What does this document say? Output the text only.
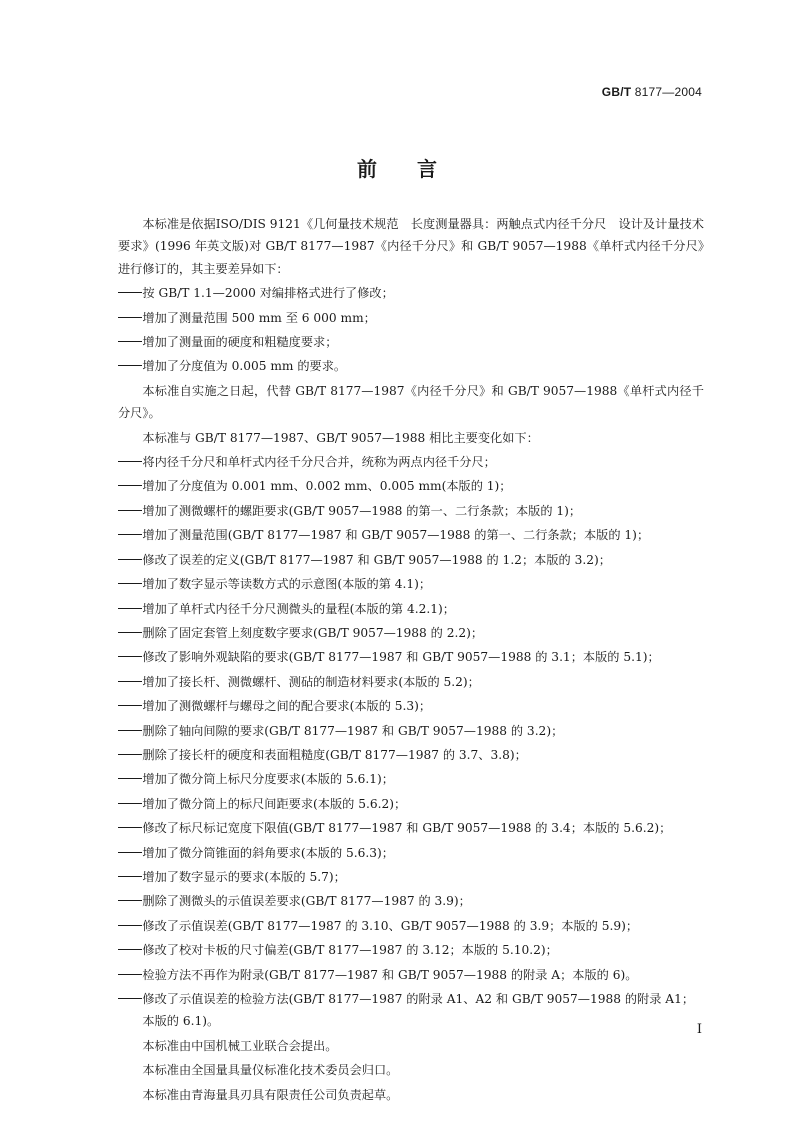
GB/T 8177—2004
前　　言

本标准是依据ISO/DIS 9121《几何量技术规范　长度测量器具：两触点式内径千分尺　设计及计量技术要求》(1996 年英文版)对 GB/T 8177—1987《内径千分尺》和 GB/T 9057—1988《单杆式内径千分尺》进行修订的，其主要差异如下：

按 GB/T 1.1—2000 对编排格式进行了修改；

增加了测量范围 500 mm 至 6 000 mm；

增加了测量面的硬度和粗糙度要求；

增加了分度值为 0.005 mm 的要求。

本标准自实施之日起，代替 GB/T 8177—1987《内径千分尺》和 GB/T 9057—1988《单杆式内径千分尺》。

本标准与 GB/T 8177—1987、GB/T 9057—1988 相比主要变化如下：

将内径千分尺和单杆式内径千分尺合并，统称为两点内径千分尺；

增加了分度值为 0.001 mm、0.002 mm、0.005 mm(本版的 1)；

增加了测微螺杆的螺距要求(GB/T 9057—1988 的第一、二行条款；本版的 1)；

增加了测量范围(GB/T 8177—1987 和 GB/T 9057—1988 的第一、二行条款；本版的 1)；

修改了误差的定义(GB/T 8177—1987 和 GB/T 9057—1988 的 1.2；本版的 3.2)；

增加了数字显示等读数方式的示意图(本版的第 4.1)；

增加了单杆式内径千分尺测微头的量程(本版的第 4.2.1)；

删除了固定套管上刻度数字要求(GB/T 9057—1988 的 2.2)；

修改了影响外观缺陷的要求(GB/T 8177—1987 和 GB/T 9057—1988 的 3.1；本版的 5.1)；

增加了接长杆、测微螺杆、测砧的制造材料要求(本版的 5.2)；

增加了测微螺杆与螺母之间的配合要求(本版的 5.3)；

删除了轴向间隙的要求(GB/T 8177—1987 和 GB/T 9057—1988 的 3.2)；

删除了接长杆的硬度和表面粗糙度(GB/T 8177—1987 的 3.7、3.8)；

增加了微分筒上标尺分度要求(本版的 5.6.1)；

增加了微分筒上的标尺间距要求(本版的 5.6.2)；

修改了标尺标记宽度下限值(GB/T 8177—1987 和 GB/T 9057—1988 的 3.4；本版的 5.6.2)；

增加了微分筒锥面的斜角要求(本版的 5.6.3)；

增加了数字显示的要求(本版的 5.7)；

删除了测微头的示值误差要求(GB/T 8177—1987 的 3.9)；

修改了示值误差(GB/T 8177—1987 的 3.10、GB/T 9057—1988 的 3.9；本版的 5.9)；

修改了校对卡板的尺寸偏差(GB/T 8177—1987 的 3.12；本版的 5.10.2)；

检验方法不再作为附录(GB/T 8177—1987 和 GB/T 9057—1988 的附录 A；本版的 6)。

修改了示值误差的检验方法(GB/T 8177—1987 的附录 A1、A2 和 GB/T 9057—1988 的附录 A1；本版的 6.1)。

本标准由中国机械工业联合会提出。

本标准由全国量具量仪标准化技术委员会归口。

本标准由青海量具刃具有限责任公司负责起草。

I
